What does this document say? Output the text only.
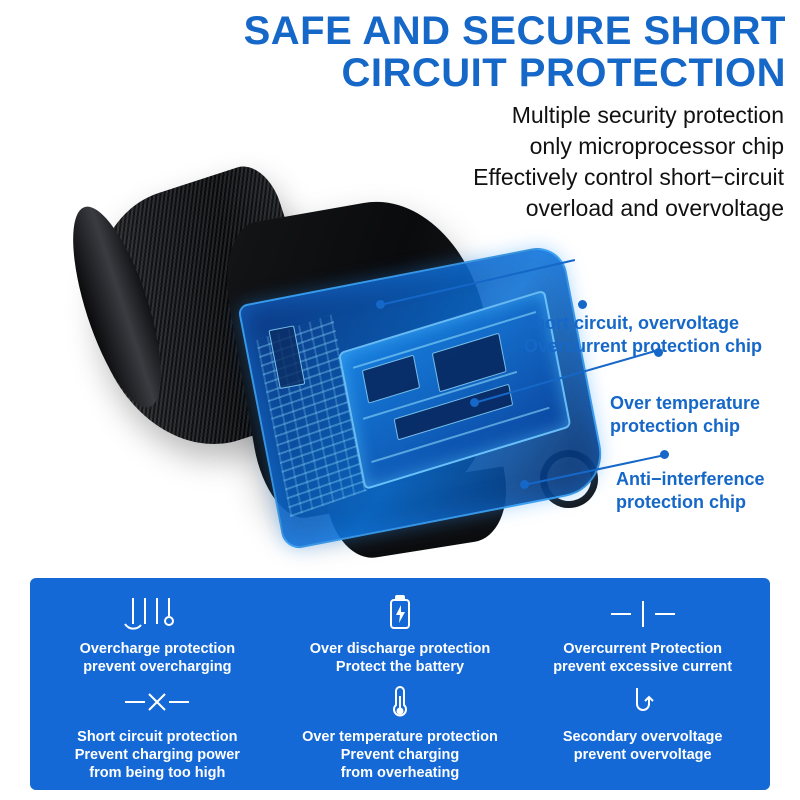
SAFE AND SECURE SHORT
CIRCUIT PROTECTION
Multiple security protection
only microprocessor chip
Effectively control short−circuit
overload and overvoltage
short circuit, overvoltage
Overcurrent protection chip
Over temperature
protection chip
Anti−interference
protection chip
Overcharge protection
prevent overcharging
Over discharge protection
Protect the battery
Overcurrent Protection
prevent excessive current
Short circuit protection
Prevent charging power
from being too high
Over temperature protection
Prevent charging
from overheating
Secondary overvoltage
prevent overvoltage
